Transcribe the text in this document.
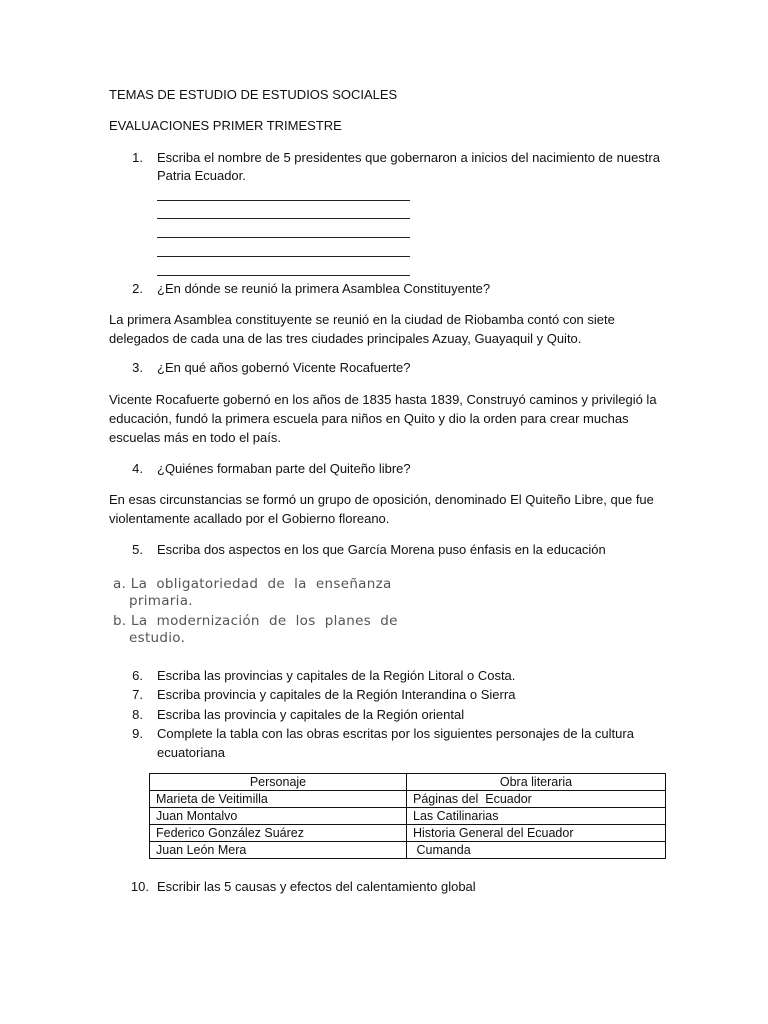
TEMAS DE ESTUDIO DE ESTUDIOS SOCIALES
EVALUACIONES PRIMER TRIMESTRE
1. Escriba el nombre de 5 presidentes que gobernaron a inicios del nacimiento de nuestra
Patria Ecuador.
2. ¿En dónde se reunió la primera Asamblea Constituyente?
La primera Asamblea constituyente se reunió en la ciudad de Riobamba contó con siete
delegados de cada una de las tres ciudades principales Azuay, Guayaquil y Quito.
3. ¿En qué años gobernó Vicente Rocafuerte?
Vicente Rocafuerte gobernó en los años de 1835 hasta 1839, Construyó caminos y privilegió la
educación, fundó la primera escuela para niños en Quito y dio la orden para crear muchas
escuelas más en todo el país.
4. ¿Quiénes formaban parte del Quiteño libre?
En esas circunstancias se formó un grupo de oposición, denominado El Quiteño Libre, que fue
violentamente acallado por el Gobierno floreano.
5. Escriba dos aspectos en los que García Morena puso énfasis en la educación
a. La  obligatoriedad  de  la  enseñanza
primaria.
b. La  modernización  de  los  planes  de
estudio.
6. Escriba las provincias y capitales de la Región Litoral o Costa.
7. Escriba provincia y capitales de la Región Interandina o Sierra
8. Escriba las provincia y capitales de la Región oriental
9. Complete la tabla con las obras escritas por los siguientes personajes de la cultura
ecuatoriana
Personaje	Obra literaria
Marieta de Veitimilla	Páginas del  Ecuador
Juan Montalvo	Las Catilinarias
Federico González Suárez	Historia General del Ecuador
Juan León Mera	Cumanda
10. Escribir las 5 causas y efectos del calentamiento global
